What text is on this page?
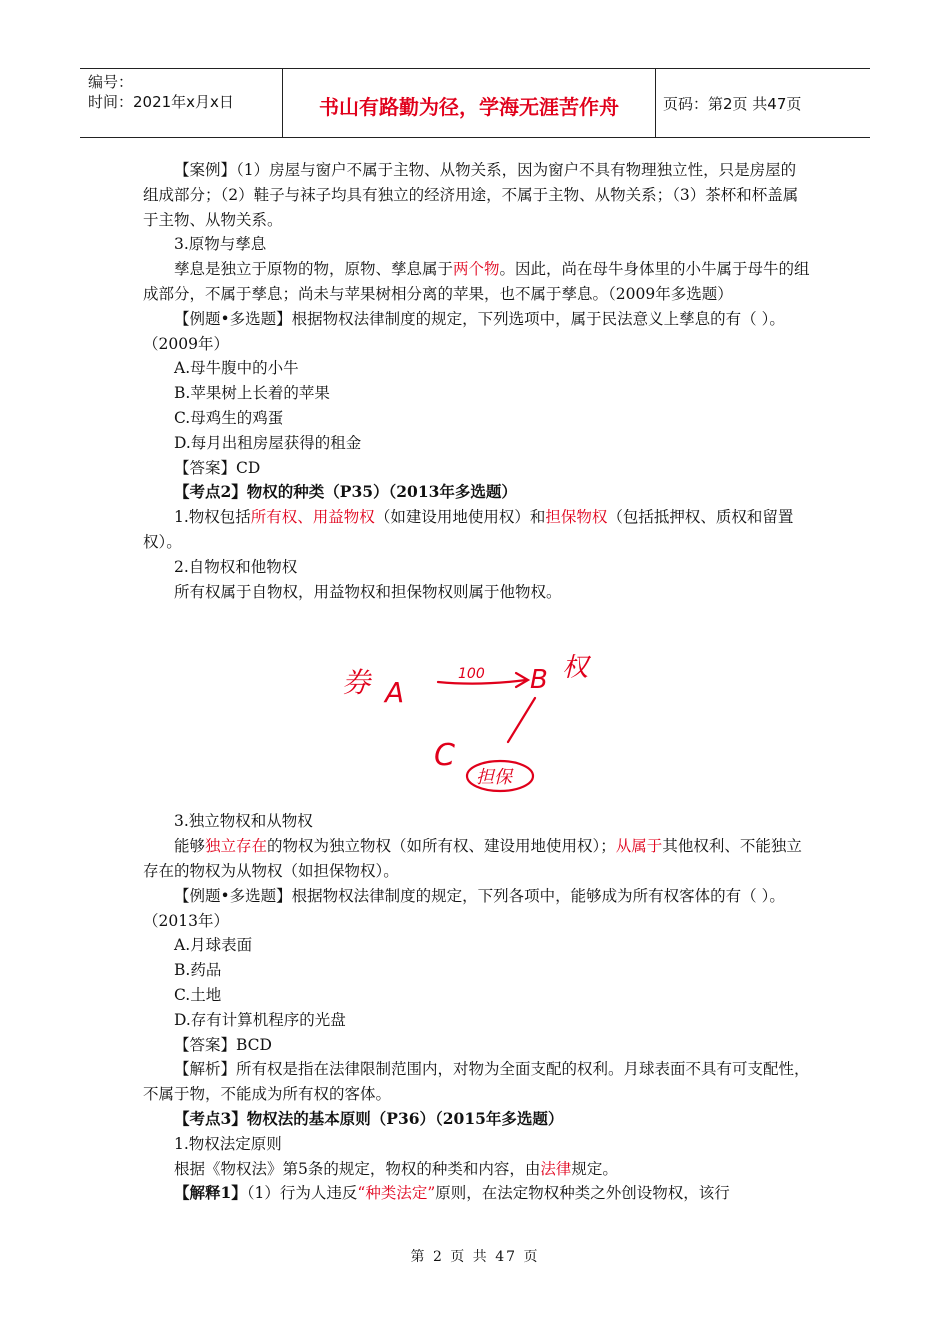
编号：
时间：2021年x月x日	书山有路勤为径，学海无涯苦作舟	页码：第2页 共47页

【案例】（1）房屋与窗户不属于主物、从物关系，因为窗户不具有物理独立性，只是房屋的组成部分；（2）鞋子与袜子均具有独立的经济用途，不属于主物、从物关系；（3）茶杯和杯盖属于主物、从物关系。

3.原物与孳息

孳息是独立于原物的物，原物、孳息属于两个物。因此，尚在母牛身体里的小牛属于母牛的组成部分，不属于孳息；尚未与苹果树相分离的苹果，也不属于孳息。（2009年多选题）

【例题•多选题】根据物权法律制度的规定，下列选项中，属于民法意义上孳息的有（ ）。（2009年）

A.母牛腹中的小牛

B.苹果树上长着的苹果

C.母鸡生的鸡蛋

D.每月出租房屋获得的租金

【答案】CD

【考点2】物权的种类（P35）（2013年多选题）

1.物权包括所有权、用益物权（如建设用地使用权）和担保物权（包括抵押权、质权和留置权）。

2.自物权和他物权

所有权属于自物权，用益物权和担保物权则属于他物权。

3.独立物权和从物权

能够独立存在的物权为独立物权（如所有权、建设用地使用权）；从属于其他权利、不能独立存在的物权为从物权（如担保物权）。

【例题•多选题】根据物权法律制度的规定，下列各项中，能够成为所有权客体的有（ ）。（2013年）

A.月球表面

B.药品

C.土地

D.存有计算机程序的光盘

【答案】BCD

【解析】所有权是指在法律限制范围内，对物为全面支配的权利。月球表面不具有可支配性，不属于物，不能成为所有权的客体。

【考点3】物权法的基本原则（P36）（2015年多选题）

1.物权法定原则

根据《物权法》第5条的规定，物权的种类和内容，由法律规定。

【解释1】（1）行为人违反“种类法定”原则，在法定物权种类之外创设物权，该行

券 A
100 B 权
C
担保
第 2 页 共 47 页
